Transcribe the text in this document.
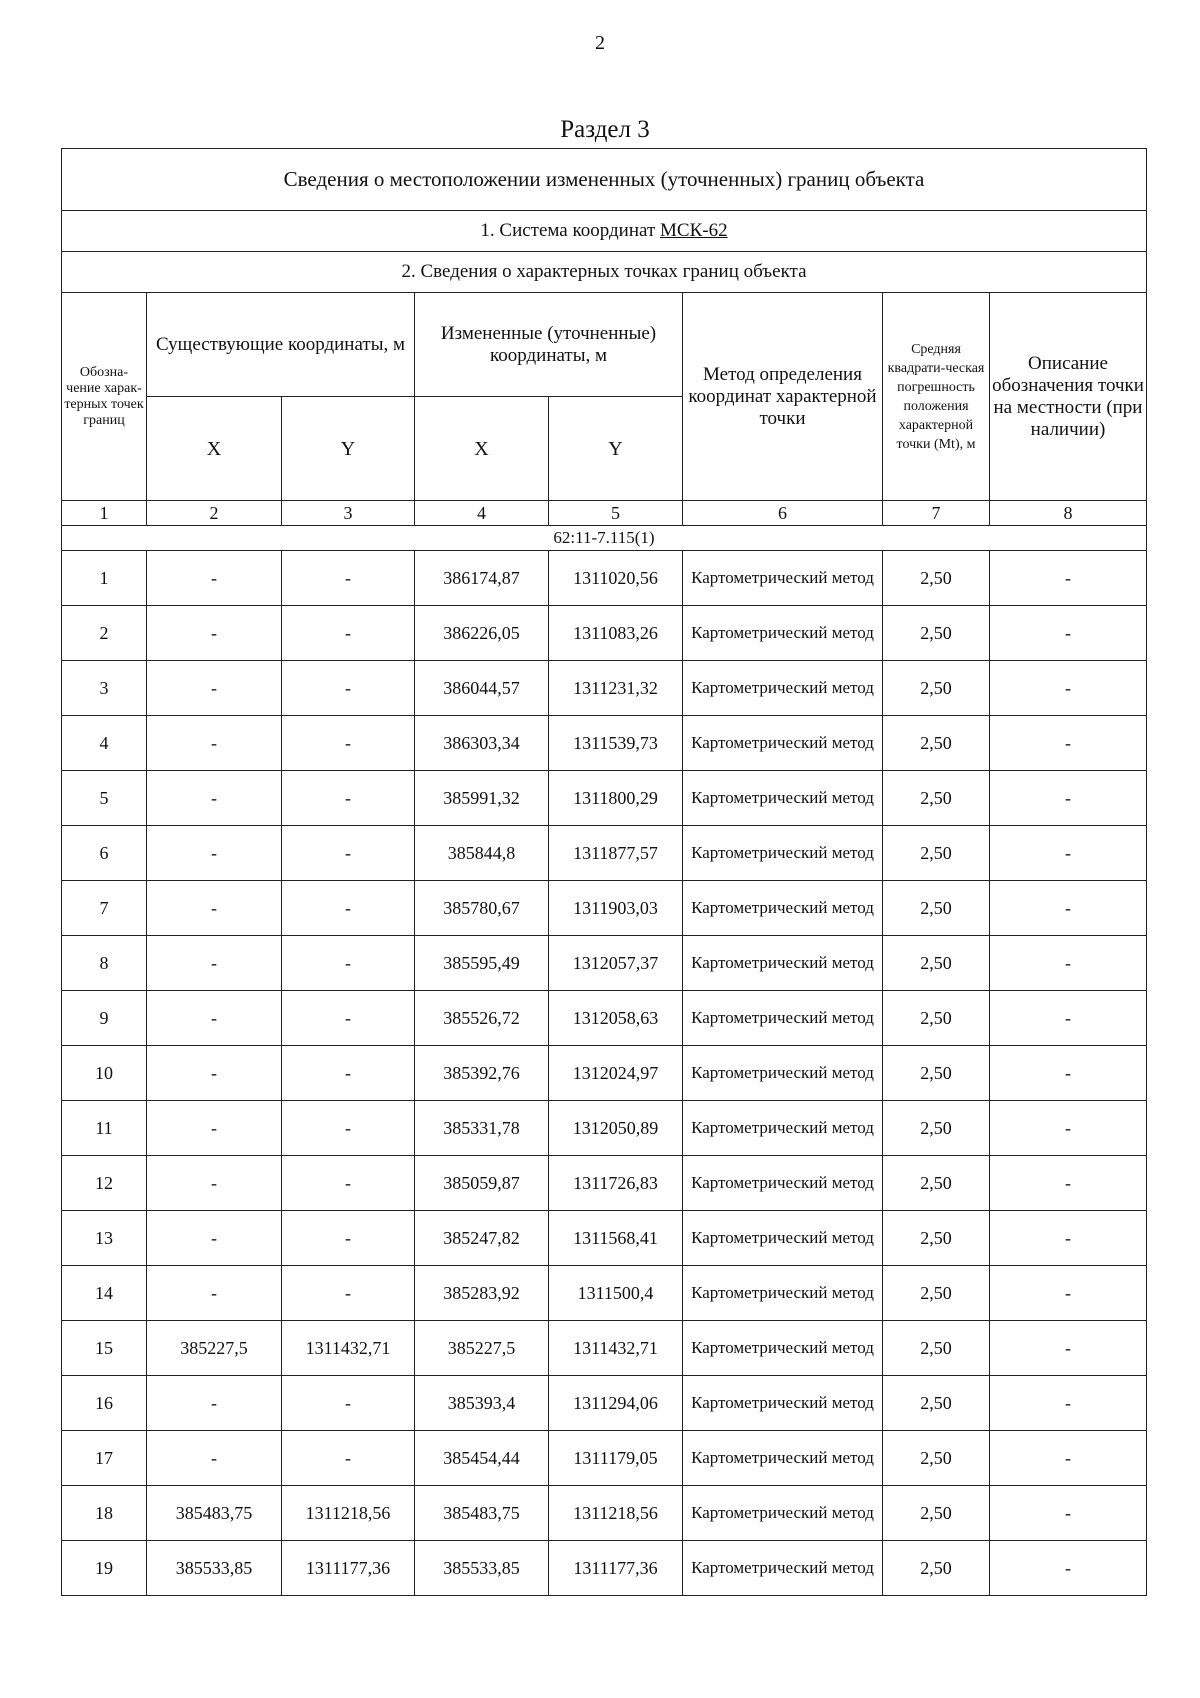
2
Раздел 3
Сведения о местоположении измененных (уточненных) границ объекта							
1. Система координат МСК-62							
2. Сведения о характерных точках границ объекта							
Обозна-чение харак-терных точек границ	Существующие координаты, м		Измененные (уточненные) координаты, м		Метод определения координат характерной точки	Средняя квадрати-ческая погрешность положения характерной точки (Mt), м	Описание обозначения точки на местности (при наличии)
	X	Y	X	Y			
1	2	3	4	5	6	7	8
62:11-7.115(1)							
1	-	-	386174,87	1311020,56	Картометрический метод	2,50	-
2	-	-	386226,05	1311083,26	Картометрический метод	2,50	-
3	-	-	386044,57	1311231,32	Картометрический метод	2,50	-
4	-	-	386303,34	1311539,73	Картометрический метод	2,50	-
5	-	-	385991,32	1311800,29	Картометрический метод	2,50	-
6	-	-	385844,8	1311877,57	Картометрический метод	2,50	-
7	-	-	385780,67	1311903,03	Картометрический метод	2,50	-
8	-	-	385595,49	1312057,37	Картометрический метод	2,50	-
9	-	-	385526,72	1312058,63	Картометрический метод	2,50	-
10	-	-	385392,76	1312024,97	Картометрический метод	2,50	-
11	-	-	385331,78	1312050,89	Картометрический метод	2,50	-
12	-	-	385059,87	1311726,83	Картометрический метод	2,50	-
13	-	-	385247,82	1311568,41	Картометрический метод	2,50	-
14	-	-	385283,92	1311500,4	Картометрический метод	2,50	-
15	385227,5	1311432,71	385227,5	1311432,71	Картометрический метод	2,50	-
16	-	-	385393,4	1311294,06	Картометрический метод	2,50	-
17	-	-	385454,44	1311179,05	Картометрический метод	2,50	-
18	385483,75	1311218,56	385483,75	1311218,56	Картометрический метод	2,50	-
19	385533,85	1311177,36	385533,85	1311177,36	Картометрический метод	2,50	-
